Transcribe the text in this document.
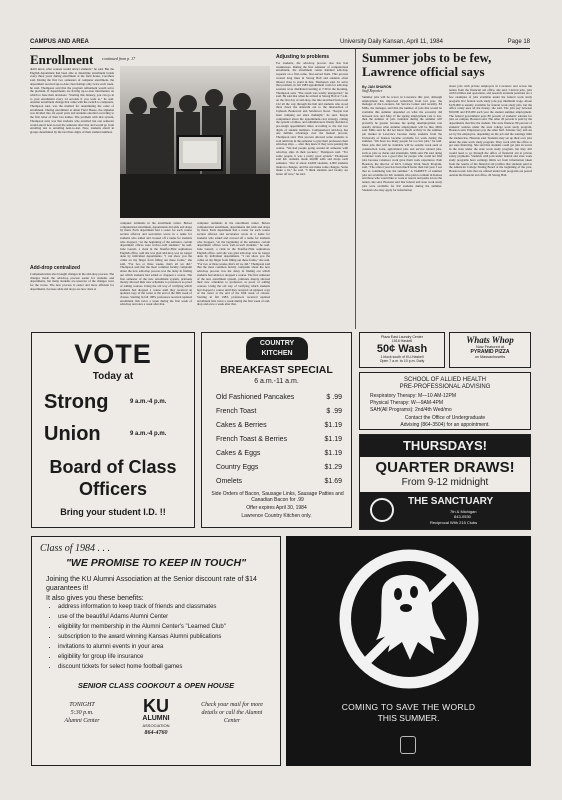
CAMPUS AND AREA	University Daily Kansan, April 11, 1984	Page 18
Enrollment continued from p. 17
didn't know what courses would attract students," he said. But the English department had been able to determine enrollment trends every three years during enrollment at the field house, Carothers said. During the first two semesters of computer enrollment, the department received up-to-date class listings only twice each week, he said. Thompson said that the program refinement would solve the problem. If departments are having up-to-date information on which to base their decisions. "Starting this January, you can go in to your enrollment every 24 seconds if you want to," he said. Another enrollment change that came with the switch to computers, Thompson said, was the method for determining the order of enrollment. During enrollment at Allen Field House, the alphabet was divided into six equal parts and students enrolled according to the first letter of their last names. The problem with that system, Thompson said, was that students who enrolled last one semester would enroll next-to-last the semester after that and would go from enrolling last to enrolling next-to-last. Now, students enroll in groups determined by the last three digits of their student numbers.
Add-drop centralized
Computerization also brought changes in the add-drop process. The changes made the add-drop process easier for students and departments, but many students are unaware of the changes were for the worse. The new process is easier and more efficient for departments, because adds and drops are now done at
computer terminals in the enrollment center. Before computerized enrollment, departments did adds and drops by hand. Each department had a roster for each course section offered, and secretaries wrote in a name for students who added and crossed off a name for students who dropped. "At the beginning of the semester, certain department offices were wall-to-wall students," he said. June Garrett, a clerk in the Stauffer-Flint sophomore English office, said she was glad add-drop was no longer done by individual departments. "I can show you the callus on my finger from filling out these forms," she said. "For two or three weeks, that's all we did." Thompson said that the most common faculty complaint about the new add-drop process was the delay in finding out which students had added or dropped a course. The first semester of the new enrollment system, printouts merely showed their new schedules to professors as proof of adding courses. Using the old way of verifying which students had dropped a course until they received an updated copy of the roster at the end of the fifth week of classes. Starting in fall 1983, professors received updated enrollment lists twice a week during the first week of add-drop and once a week after that.
computer terminals in the enrollment center. Before computerized enrollment, departments did adds and drops by hand. Each department had a roster for each course section offered, and secretaries wrote in a name for students who added and crossed off a name for students who dropped. "At the beginning of the semester, certain department offices were wall-to-wall students," he said. June Garrett, a clerk in the Stauffer-Flint sophomore English office, said she was glad add-drop was no longer done by individual departments. "I can show you the callus on my finger from filling out these forms," she said. "For two or three weeks, that's all we did." Thompson said that the most common faculty complaint about the new add-drop process was the delay in finding out which students had added or dropped a course. The first semester of the new enrollment system, printouts merely showed their new schedules to professors as proof of adding courses. Using the old way of verifying which students had dropped a course until they received an updated copy of the roster at the end of the fifth week of classes. Starting in fall 1983, professors received updated enrollment lists twice a week during the first week of add-drop and once a week after that.
Adjusting to problems
For students, the add-drop process also has had weaknesses. During the first semester of computerized enrollment, the enrollment center handled add-drop requests on a first-come, first-served basis. This process created long lines in Strong Hall and students often missed class to stand in line, Thompson said. To solve that problem, in fall 1983 appointment cards for add-drop sessions were distributed starting at 7:30 in the morning, Thompson said. "The result was totally unexpected," he said. He said that when he arrived at Strong Hall at 7 a.m. on the first day of add-drop, the line stretched from room 122 all the way through the hall and students who stood there down the sidewalk out to the intersection of Jayhawk Boulevard and Sunflower Road. "People had been camping out since midnight," he said. People complained about the appointment-card strategy, calling the system a failure, and administrators finally decided to pre-assign appointment times according to the last two digits of student numbers. Computerized add-drop has one definite advantage over the manual process, Thompson said. That process allowed some students to wait until late in the semester to give their professors their add-drop slips — after they knew if they were passing the course. "We had people going around all semester with add-drop slips in their pockets," Thompson said. "For some people, it was a pretty good system." Thompson said KU students made 46,000 adds and drops each semester. "Out of about 24,000 students, 4,000 students make no changes, and the rest make some changes. Some make a lot," he said. "I think students and faculty are better off now," he said.
Summer jobs to be few, Lawrence official says
By JAN SHARON
Staff Reporter
Summer jobs will be scarce in Lawrence this year, although employment has improved somewhat from last year, the manager of the Lawrence Job Service Center said recently. Ed Mills, the manager, said that the number of jobs that would be available this summer depended on what the economy did between now and May. If the spring employment rate is low, then the number of jobs available during the summer will probably be greater because the spring unemployment rate usually dictates what summer employment will be like, Mills said. Mills said he did not know much activity in the summer job market in Lawrence because many students from the University of Kansas became available for work during the summer. "We have too many people for too few jobs," he said. Most jobs that will be available will be outside work such as construction work, agricultural jobs and service related jobs, such as jobs as clerks and attendants, Mills said. He said doing volunteer work was a good idea for people who could not find jobs because volunteer work gave them work experience. Pam Houston, the director of KU's College Work Study Program, said, "The school year has been much better than last year. I see that as continuing into the summer." A VARIETY of summer jobs are available for KU students who plan to remain in Kansas and those who would like to work at resorts and parks across the nation, she said. Houston said that federal and state work study jobs were available for KU students during the summer. Students also may apply for information
about jobs with private employers in Lawrence and across the nation from the financial aid office, she said. Clerical jobs, jobs with facilities and operations, and research assistant positions are a few examples of jobs available under the federal work study program. KU federal work study jobs pay minimum wage. About $170,000 is usually available for federal work study jobs, but the office rarely uses all the money, she said. The jobs pay between $50,000 and $55,000 each year the student summer employment. The federal government pays 80 percent of students' salaries for jobs on campus, Houston said. The other 20 percent is paid by the departments that hire the student. The state finances 80 percent of students' salaries under the state college work study program, Houston said. Employers pay the other half. Salaries vary and are set by the employers, depending on the job and the earnings limit the student has, Houston said. Students may set up their own jobs under the state work study program. They work with the office to get state financing. She said that students could get jobs in towns in the state under the state work study program, but they still would need to go through the office of financial aid at private salary payments. Students with jobs under federal and state work study programs have earnings limits set from information taken from the results of the financial aid profiles that students send to the American College Testing Board at the beginning of the year, Houston said. Jobs that are offered under both programs are posted outside the financial aid office, 26 Strong Hall.
VOTE
Today at
Strong	9 a.m.-4 p.m.
Union	9 a.m.-4 p.m.
Board of Class
Officers
Bring your student I.D. !!
COUNTRY
KITCHEN
BREAKFAST SPECIAL
6 a.m.-11 a.m.
Old Fashioned Pancakes	$ .99
French Toast	$ .99
Cakes & Berries	$1.19
French Toast & Berries	$1.19
Cakes & Eggs	$1.19
Country Eggs	$1.29
Omelets	$1.69
Side Orders of Bacon, Sausage Links, Sausage Patties and Canadian Bacon for .99
Offer expires April 30, 1984
Lawrence Country Kitchen only.
Plaza East Laundry Center
1516 Haskell
50¢ Wash
1 block south of KU-Haskell
Open 7 a.m. to 10 p.m. Daily
Whats Whop
Now Featured at
PYRAMID PIZZA
on Massachusetts
SCHOOL OF ALLIED HEALTH
PRE-PROFESSIONAL ADVISING
Respiratory Therapy: M—10 AM-12PM
Physical Therapy: W—9AM-4PM
SAH(All Programs): 2nd/4th Wed/mo
Contact the Office of Undergraduate
Advising (864-3504) for an appointment.
THURSDAYS!
QUARTER DRAWS!
From 9-12 midnight
THE SANCTUARY
7th & Michigan
843-0530
Reciprocal With 215 Clubs
Class of 1984 . . .
"WE PROMISE TO KEEP IN TOUCH"
Joining the KU Alumni Association at the Senior discount rate of $14 guarantees it!
It also gives you these benefits:
• address information to keep track of friends and classmates
• use of the beautiful Adams Alumni Center
• eligibility for membership in the Alumni Center's "Learned Club"
• subscription to the award winning Kansas Alumni publications
• invitations to alumni events in your area
• eligibility for group life insurance
• discount tickets for select home football games
SENIOR CLASS COOKOUT & OPEN HOUSE
TONIGHT
5:30 p.m.
Alumni Center
KU
ALUMNI
ASSOCIATION
864-4760
Check your mail for more details or call the Alumni Center
COMING TO SAVE THE WORLD
THIS SUMMER.
